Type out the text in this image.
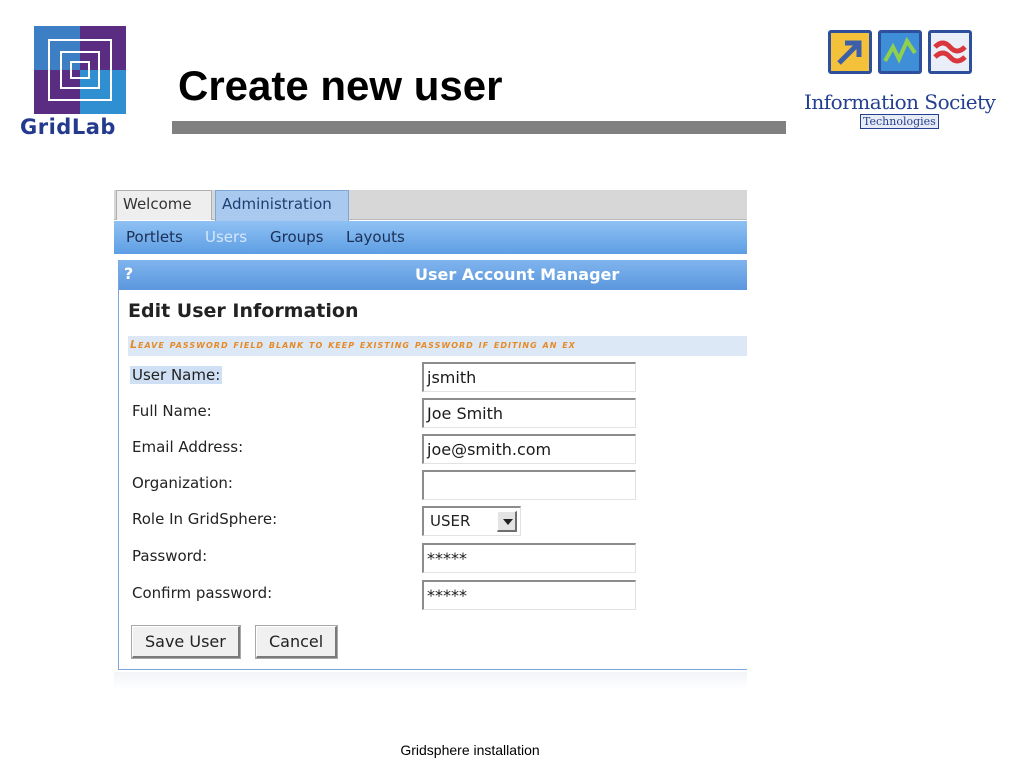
GridLab
Create new user	Information Society
Technologies
Welcome	Administration
Portlets Users Groups Layouts
?	User Account Manager
Edit User Information
Leave password field blank to keep existing password if editing an ex
User Name:	jsmith
Full Name:	Joe Smith
Email Address:	joe@smith.com
Organization:
Role In GridSphere:	USER
Password:	*****
Confirm password:	*****
Save User	Cancel
Gridsphere installation
